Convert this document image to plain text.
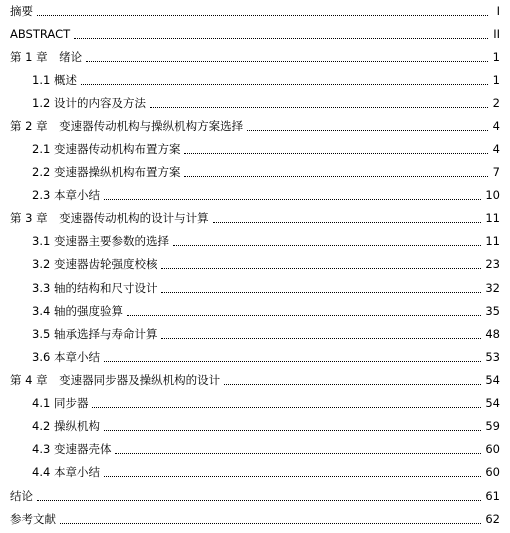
摘要	I
ABSTRACT	II
第 1 章　绪论	1
1.1 概述	1
1.2 设计的内容及方法	2
第 2 章　变速器传动机构与操纵机构方案选择	4
2.1 变速器传动机构布置方案	4
2.2 变速器操纵机构布置方案	7
2.3 本章小结	10
第 3 章　变速器传动机构的设计与计算	11
3.1 变速器主要参数的选择	11
3.2 变速器齿轮强度校核	23
3.3 轴的结构和尺寸设计	32
3.4 轴的强度验算	35
3.5 轴承选择与寿命计算	48
3.6 本章小结	53
第 4 章　变速器同步器及操纵机构的设计	54
4.1 同步器	54
4.2 操纵机构	59
4.3 变速器壳体	60
4.4 本章小结	60
结论	61
参考文献	62
